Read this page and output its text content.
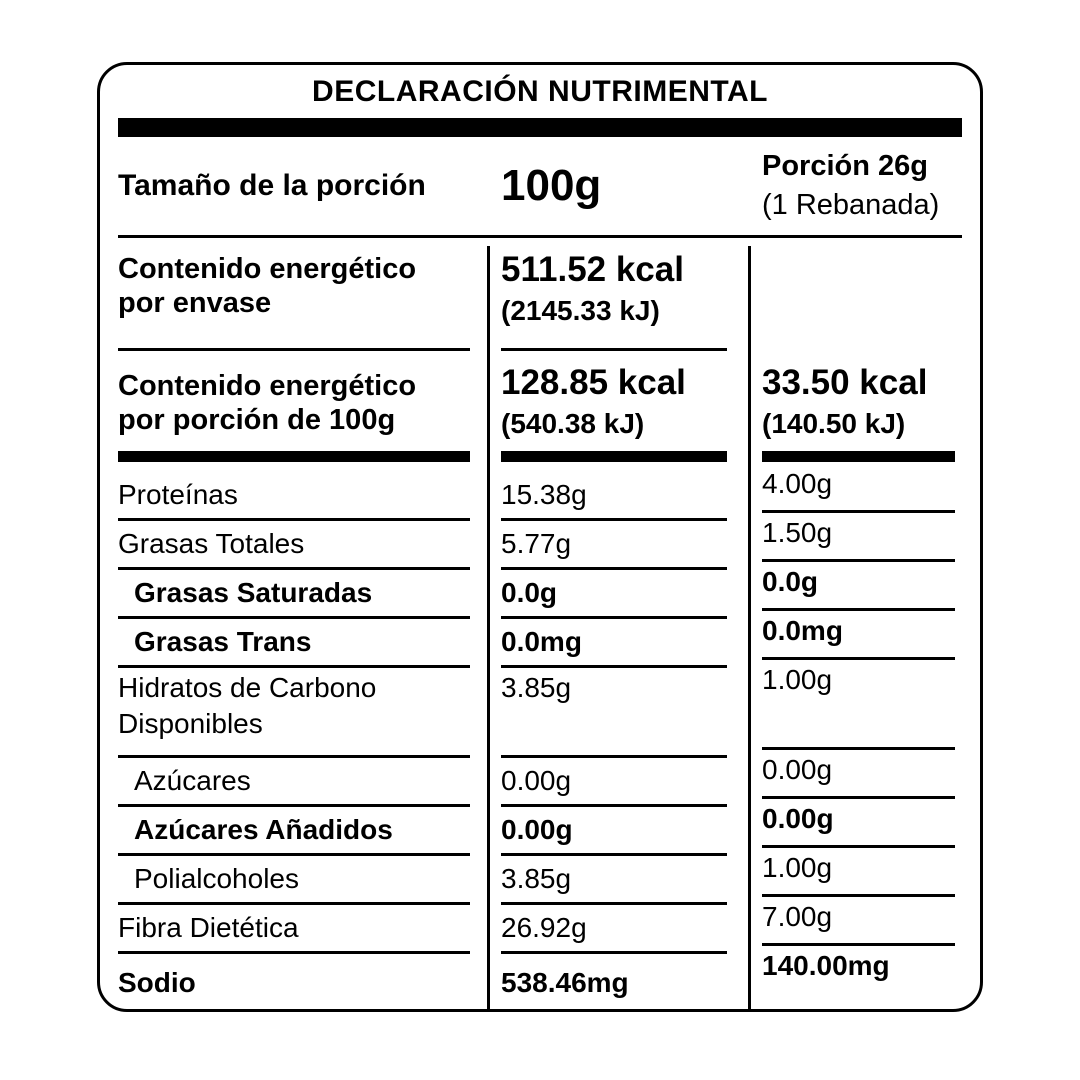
DECLARACIÓN NUTRIMENTAL
Tamaño de la porción	100g	Porción 26g
(1 Rebanada)
Contenido energético
por envase
Contenido energético
por porción de 100g
Proteínas
Grasas Totales
Grasas Saturadas
Grasas Trans
Hidratos de Carbono Disponibles
Azúcares
Azúcares Añadidos
Polialcoholes
Fibra Dietética
Sodio
511.52 kcal
(2145.33 kJ)
128.85 kcal
(540.38 kJ)
15.38g
5.77g
0.0g
0.0mg
3.85g
0.00g
0.00g
3.85g
26.92g
538.46mg
33.50 kcal
(140.50 kJ)
4.00g
1.50g
0.0g
0.0mg
1.00g
0.00g
0.00g
1.00g
7.00g
140.00mg
